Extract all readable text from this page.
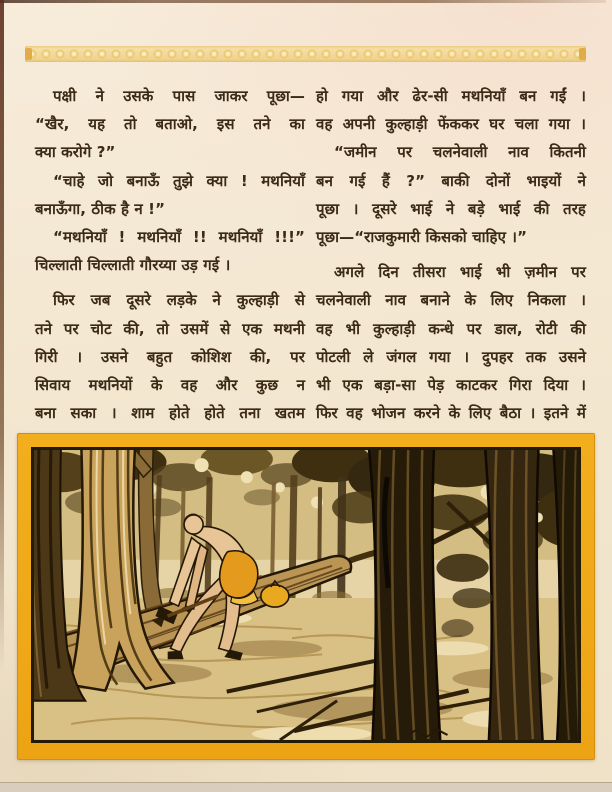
पक्षी ने उसके पास जाकर पूछा—
“खैर, यह तो बताओ, इस तने का
क्या करोगे ?”
“चाहे जो बनाऊँ तुझे क्या ! मथनियाँ
बनाऊँगा, ठीक है न !”
“मथनियाँ ! मथनियाँ !! मथनियाँ !!!”
चिल्लाती चिल्लाती गौरय्या उड़ गई ।
फिर जब दूसरे लड़के ने कुल्हाड़ी से
तने पर चोट की, तो उसमें से एक मथनी
गिरी । उसने बहुत कोशिश की, पर
सिवाय मथनियों के वह और कुछ न
बना सका । शाम होते होते तना खतम
हो गया और ढेर-सी मथनियाँ बन गईं ।
वह अपनी कुल्हाड़ी फेंककर घर चला गया ।
“जमीन पर चलनेवाली नाव कितनी
बन गई हैं ?” बाकी दोनों भाइयों ने
पूछा । दूसरे भाई ने बड़े भाई की तरह
पूछा—“राजकुमारी किसको चाहिए ।”
अगले दिन तीसरा भाई भी ज़मीन पर
चलनेवाली नाव बनाने के लिए निकला ।
वह भी कुल्हाड़ी कन्धे पर डाल, रोटी की
पोटली ले जंगल गया । दुपहर तक उसने
भी एक बड़ा-सा पेड़ काटकर गिरा दिया ।
फिर वह भोजन करने के लिए बैठा । इतने में
